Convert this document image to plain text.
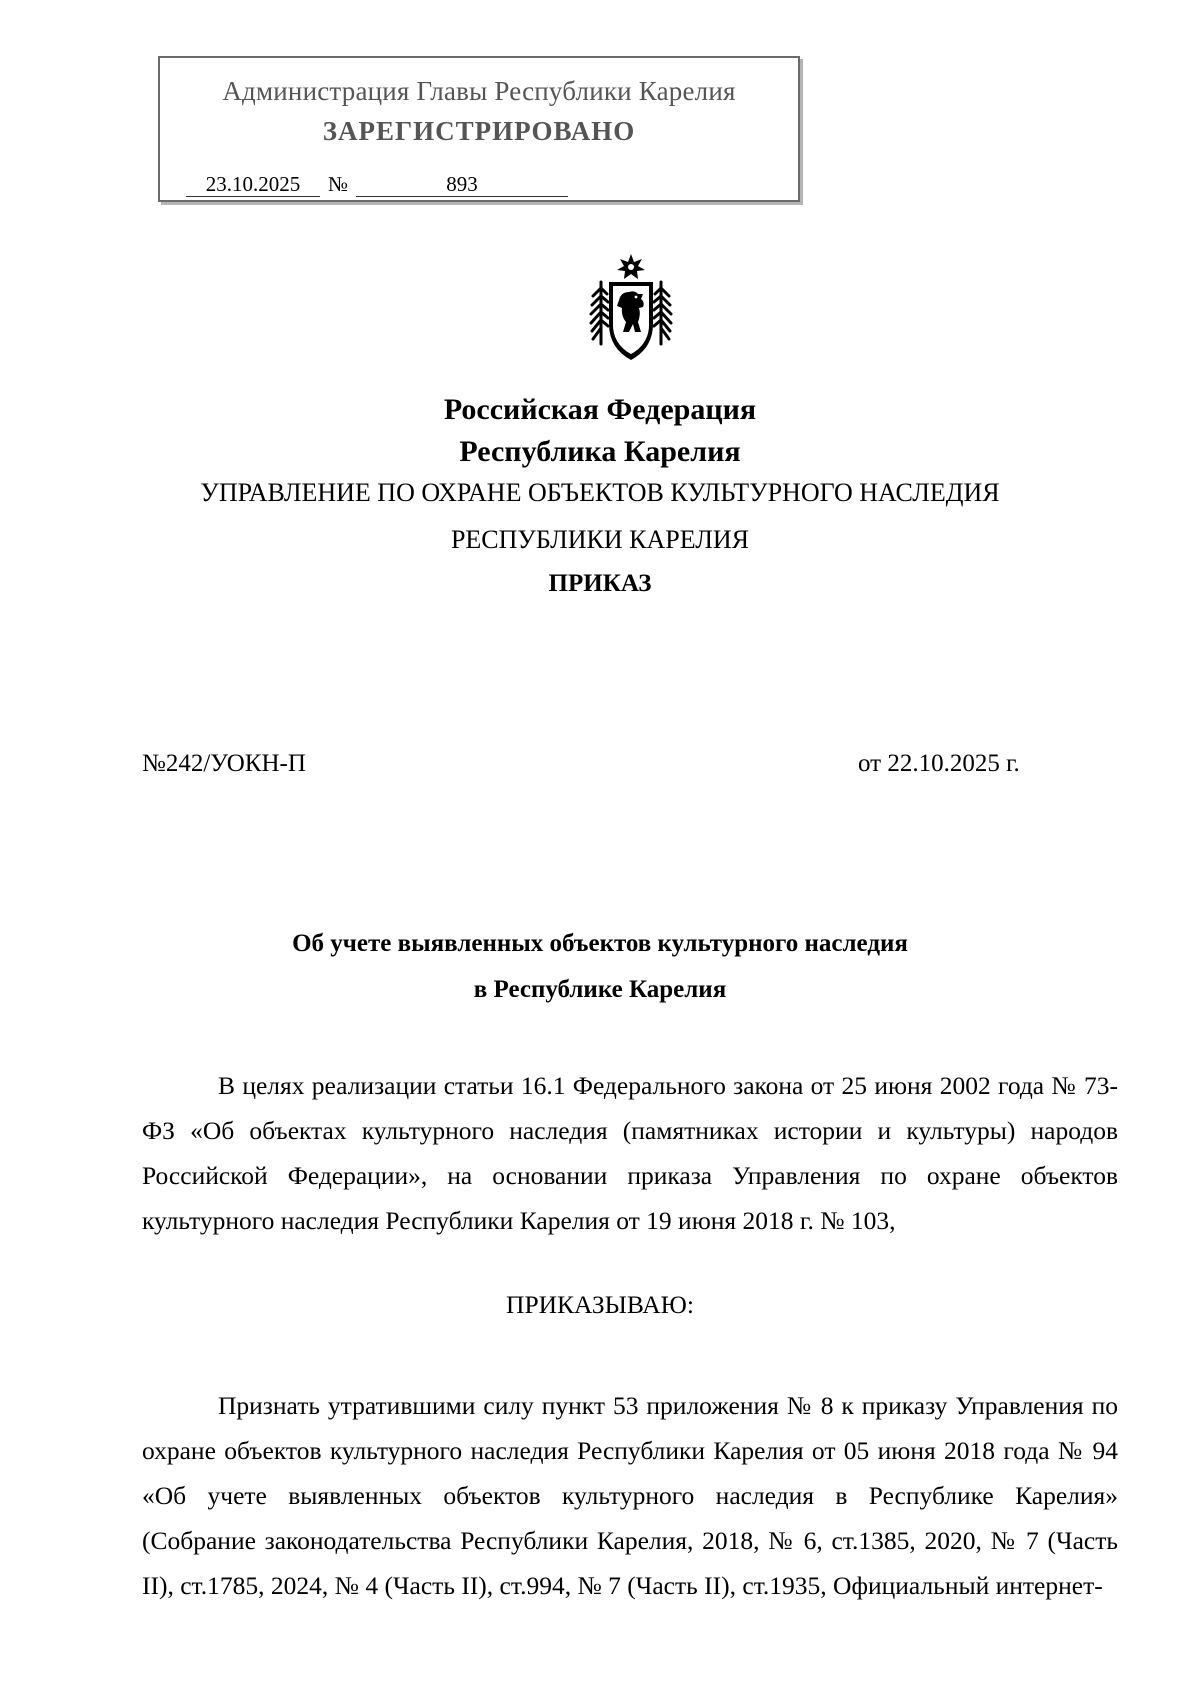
Администрация Главы Республики Карелия
ЗАРЕГИСТРИРОВАНО
23.10.2025	№	893
Российская Федерация
Республика Карелия
УПРАВЛЕНИЕ ПО ОХРАНЕ ОБЪЕКТОВ КУЛЬТУРНОГО НАСЛЕДИЯ
РЕСПУБЛИКИ КАРЕЛИЯ
ПРИКАЗ
№242/УОКН-П	от 22.10.2025 г.
Об учете выявленных объектов культурного наследия
в Республике Карелия

В целях реализации статьи 16.1 Федерального закона от 25 июня 2002 года № 73-ФЗ «Об объектах культурного наследия (памятниках истории и культуры) народов Российской Федерации», на основании приказа Управления по охране объектов культурного наследия Республики Карелия от 19 июня 2018 г. № 103,

ПРИКАЗЫВАЮ:

Признать утратившими силу пункт 53 приложения № 8 к приказу Управления по охране объектов культурного наследия Республики Карелия от 05 июня 2018 года № 94 «Об учете выявленных объектов культурного наследия в Республике Карелия» (Собрание законодательства Республики Карелия, 2018, № 6, ст.1385, 2020, № 7 (Часть II), ст.1785, 2024, № 4 (Часть II), ст.994, № 7 (Часть II), ст.1935, Официальный интернет-
